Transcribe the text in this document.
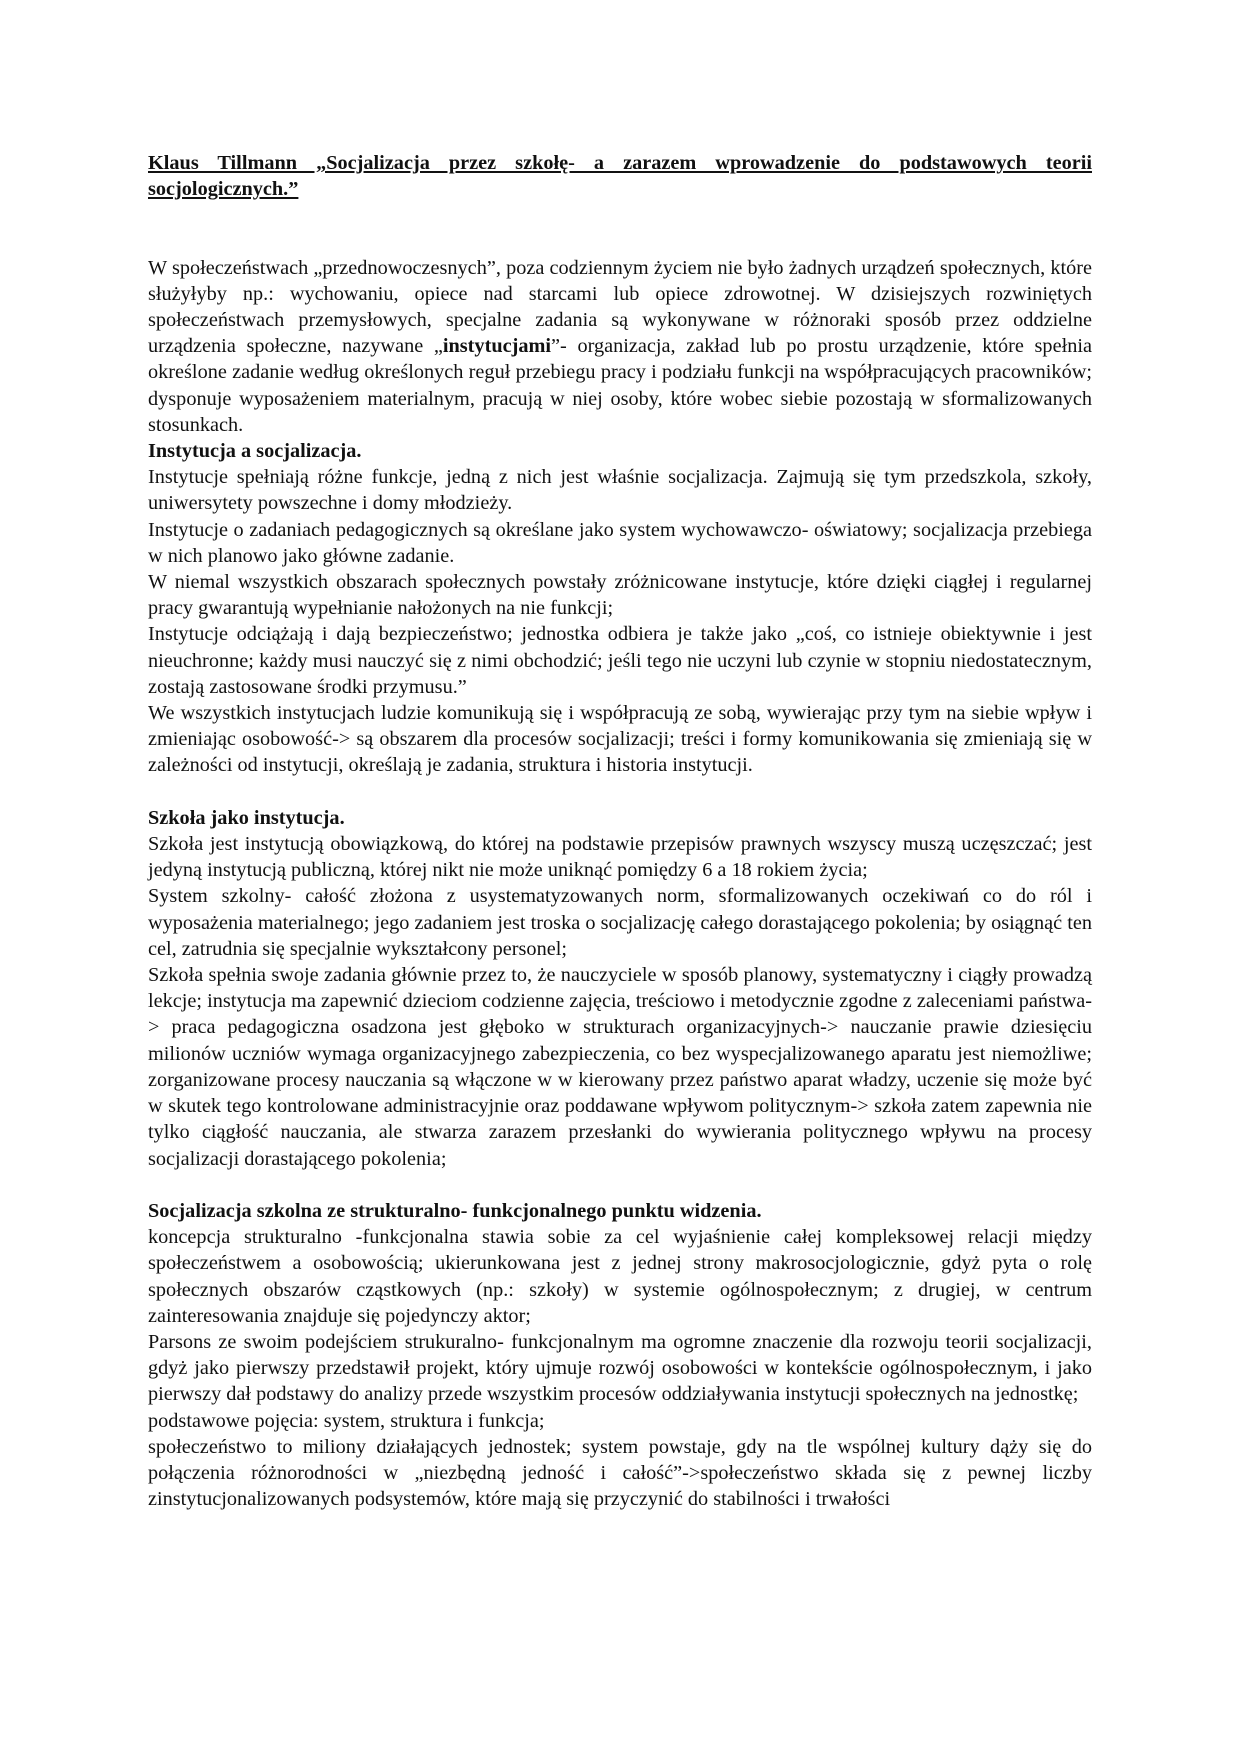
Klaus Tillmann „Socjalizacja przez szkołę- a zarazem wprowadzenie do podstawowych teorii socjologicznych.”

W społeczeństwach „przednowoczesnych”, poza codziennym życiem nie było żadnych urządzeń społecznych, które służyłyby np.: wychowaniu, opiece nad starcami lub opiece zdrowotnej. W dzisiejszych rozwiniętych społeczeństwach przemysłowych, specjalne zadania są wykonywane w różnoraki sposób przez oddzielne urządzenia społeczne, nazywane „instytucjami”- organizacja, zakład lub po prostu urządzenie, które spełnia określone zadanie według określonych reguł przebiegu pracy i podziału funkcji na współpracujących pracowników; dysponuje wyposażeniem materialnym, pracują w niej osoby, które wobec siebie pozostają w sformalizowanych stosunkach.

Instytucja a socjalizacja.

Instytucje spełniają różne funkcje, jedną z nich jest właśnie socjalizacja. Zajmują się tym przedszkola, szkoły, uniwersytety powszechne i domy młodzieży.

Instytucje o zadaniach pedagogicznych są określane jako system wychowawczo- oświatowy; socjalizacja przebiega w nich planowo jako główne zadanie.

W niemal wszystkich obszarach społecznych powstały zróżnicowane instytucje, które dzięki ciągłej i regularnej pracy gwarantują wypełnianie nałożonych na nie funkcji;

Instytucje odciążają i dają bezpieczeństwo; jednostka odbiera je także jako „coś, co istnieje obiektywnie i jest nieuchronne; każdy musi nauczyć się z nimi obchodzić; jeśli tego nie uczyni lub czynie w stopniu niedostatecznym, zostają zastosowane środki przymusu.”

We wszystkich instytucjach ludzie komunikują się i współpracują ze sobą, wywierając przy tym na siebie wpływ i zmieniając osobowość-> są obszarem dla procesów socjalizacji; treści i formy komunikowania się zmieniają się w zależności od instytucji, określają je zadania, struktura i historia instytucji.

Szkoła jako instytucja.

Szkoła jest instytucją obowiązkową, do której na podstawie przepisów prawnych wszyscy muszą uczęszczać; jest jedyną instytucją publiczną, której nikt nie może uniknąć pomiędzy 6 a 18 rokiem życia;

System szkolny- całość złożona z usystematyzowanych norm, sformalizowanych oczekiwań co do ról i wyposażenia materialnego; jego zadaniem jest troska o socjalizację całego dorastającego pokolenia; by osiągnąć ten cel, zatrudnia się specjalnie wykształcony personel;

Szkoła spełnia swoje zadania głównie przez to, że nauczyciele w sposób planowy, systematyczny i ciągły prowadzą lekcje; instytucja ma zapewnić dzieciom codzienne zajęcia, treściowo i metodycznie zgodne z zaleceniami państwa-> praca pedagogiczna osadzona jest głęboko w strukturach organizacyjnych-> nauczanie prawie dziesięciu milionów uczniów wymaga organizacyjnego zabezpieczenia, co bez wyspecjalizowanego aparatu jest niemożliwe; zorganizowane procesy nauczania są włączone w w kierowany przez państwo aparat władzy, uczenie się może być w skutek tego kontrolowane administracyjnie oraz poddawane wpływom politycznym-> szkoła zatem zapewnia nie tylko ciągłość nauczania, ale stwarza zarazem przesłanki do wywierania politycznego wpływu na procesy socjalizacji dorastającego pokolenia;

Socjalizacja szkolna ze strukturalno- funkcjonalnego punktu widzenia.

koncepcja strukturalno -funkcjonalna stawia sobie za cel wyjaśnienie całej kompleksowej relacji między społeczeństwem a osobowością; ukierunkowana jest z jednej strony makrosocjologicznie, gdyż pyta o rolę społecznych obszarów cząstkowych (np.: szkoły) w systemie ogólnospołecznym; z drugiej, w centrum zainteresowania znajduje się pojedynczy aktor;

Parsons ze swoim podejściem strukuralno- funkcjonalnym ma ogromne znaczenie dla rozwoju teorii socjalizacji, gdyż jako pierwszy przedstawił projekt, który ujmuje rozwój osobowości w kontekście ogólnospołecznym, i jako pierwszy dał podstawy do analizy przede wszystkim procesów oddziaływania instytucji społecznych na jednostkę;

podstawowe pojęcia: system, struktura i funkcja;

społeczeństwo to miliony działających jednostek; system powstaje, gdy na tle wspólnej kultury dąży się do połączenia różnorodności w „niezbędną jedność i całość”->społeczeństwo składa się z pewnej liczby zinstytucjonalizowanych podsystemów, które mają się przyczynić do stabilności i trwałości
